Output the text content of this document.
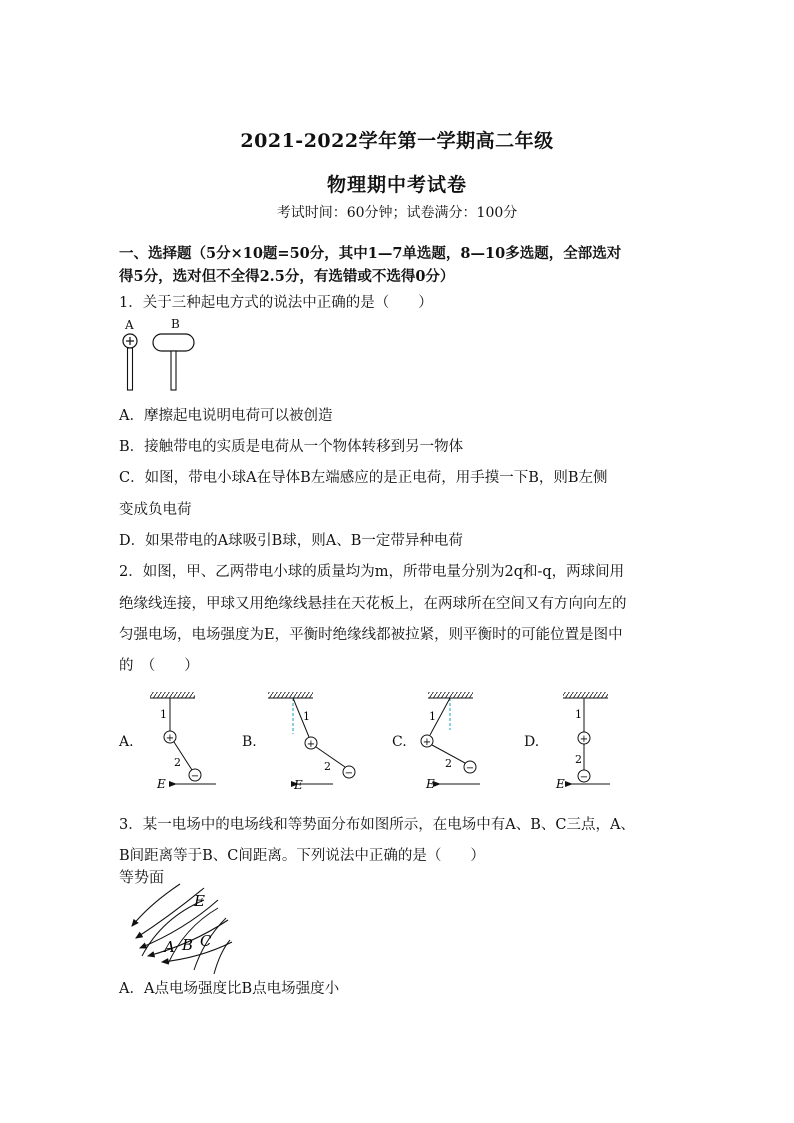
2021-2022学年第一学期高二年级
物理期中考试卷
考试时间：60分钟；试卷满分：100分
一、选择题（5分×10题=50分，其中1—7单选题，8—10多选题，全部选对
得5分，选对但不全得2.5分，有选错或不选得0分）
1．关于三种起电方式的说法中正确的是（　　）
A	B
A．摩擦起电说明电荷可以被创造
B．接触带电的实质是电荷从一个物体转移到另一物体
C．如图，带电小球A在导体B左端感应的是正电荷，用手摸一下B，则B左侧
变成负电荷
D．如果带电的A球吸引B球，则A、B一定带异种电荷
2．如图，甲、乙两带电小球的质量均为m，所带电量分别为2q和-q，两球间用
绝缘线连接，甲球又用绝缘线悬挂在天花板上，在两球所在空间又有方向向左的
匀强电场，电场强度为E，平衡时绝缘线都被拉紧，则平衡时的可能位置是图中
的　（　　）
A.	B.	C.	D.
+
−
1
2
E
+
−
1
2
E
+
−
1
2
E
+
−
1
2
E
3．某一电场中的电场线和等势面分布如图所示，在电场中有A、B、C三点，A、
B间距离等于B、C间距离。下列说法中正确的是（　　）
等势面
E
A B C
A．A点电场强度比B点电场强度小
